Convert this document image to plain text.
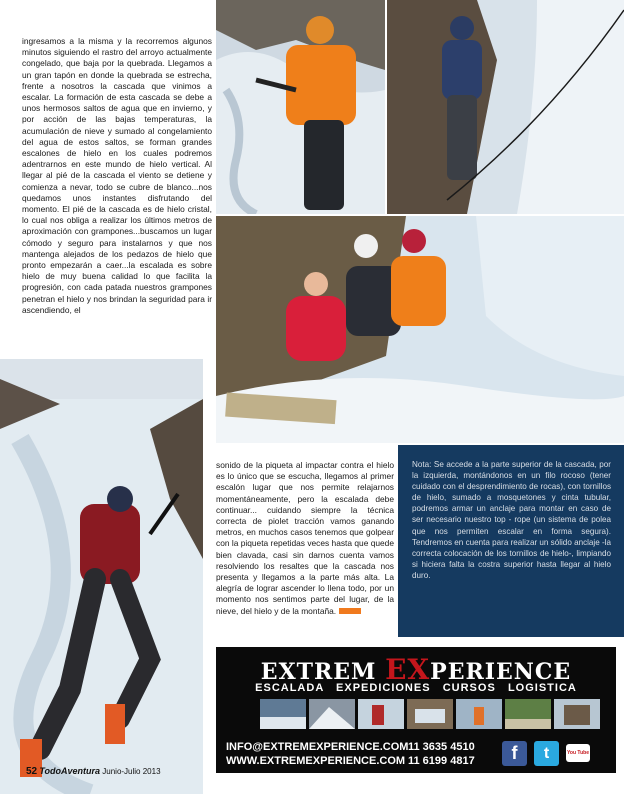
ingresamos a la misma y la recorremos algunos minutos siguiendo el rastro del arroyo actualmente congelado, que baja por la quebrada. Llegamos a un gran tapón en donde la quebrada se estrecha, frente a nosotros la cascada que vinimos a escalar. La formación de esta cascada se debe a unos hermosos saltos de agua que en invierno, y por acción de las bajas temperaturas, la acumulación de nieve y sumado al congelamiento del agua de estos saltos, se forman grandes escalones de hielo en los cuales podremos adentrarnos en este mundo de hielo vertical. Al llegar al pié de la cascada el viento se detiene y comienza a nevar, todo se cubre de blanco...nos quedamos unos instantes disfrutando del momento. El pié de la cascada es de hielo cristal, lo cual nos obliga a realizar los últimos metros de aproximación con grampones...buscamos un lugar cómodo y seguro para instalarnos y que nos mantenga alejados de los pedazos de hielo que pronto empezarán a caer...la escalada es sobre hielo de muy buena calidad lo que facilita la progresión, con cada patada nuestros grampones penetran el hielo y nos brindan la seguridad para ir ascendiendo, el

sonido de la piqueta al impactar contra el hielo es lo único que se escucha, llegamos al primer escalón lugar que nos permite relajarnos momentáneamente, pero la escalada debe continuar... cuidando siempre la técnica correcta de piolet tracción vamos ganando metros, en muchos casos tenemos que golpear con la piqueta repetidas veces hasta que quede bien clavada, casi sin darnos cuenta vamos resolviendo los resaltes que la cascada nos presenta y llegamos a la parte más alta. La alegría de lograr ascender lo llena todo, por un momento nos sentimos parte del lugar, de la nieve, del hielo y de la montaña.

Nota: Se accede a la parte superior de la cascada, por la izquierda, montándonos en un filo rocoso (tener cuidado con el desprendimiento de rocas), con tornillos de hielo, sumado a mosquetones y cinta tubular, podremos armar un anclaje para montar en caso de ser necesario nuestro top - rope (un sistema de polea que nos permiten escalar en forma segura). Tendremos en cuenta para realizar un sólido anclaje -la correcta colocación de los tornillos de hielo-, limpiando si hiciera falta la costra superior hasta llegar al hielo duro.

EXTREM EXPERIENCE
ESCALADA   EXPEDICIONES   CURSOS   LOGISTICA
INFO@EXTREMEXPERIENCE.COM
WWW.EXTREMEXPERIENCE.COM
11 3635 4510
11 6199 4817	f	t	You Tube
52 TodoAventura Junio-Julio 2013
